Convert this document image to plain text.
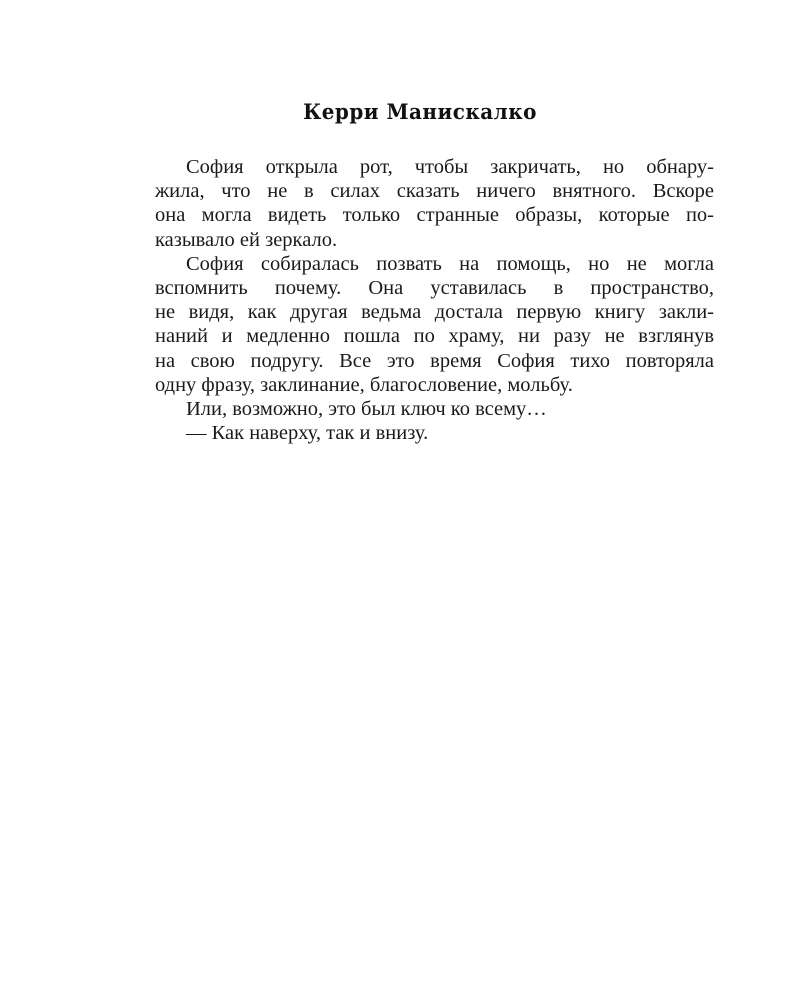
Керри Манискалко
София открыла рот, чтобы закричать, но обнару-
жила, что не в силах сказать ничего внятного. Вскоре
она могла видеть только странные образы, которые по-
казывало ей зеркало.
София собиралась позвать на помощь, но не могла
вспомнить почему. Она уставилась в пространство,
не видя, как другая ведьма достала первую книгу закли-
наний и медленно пошла по храму, ни разу не взглянув
на свою подругу. Все это время София тихо повторяла
одну фразу, заклинание, благословение, мольбу.
Или, возможно, это был ключ ко всему…
— Как наверху, так и внизу.
